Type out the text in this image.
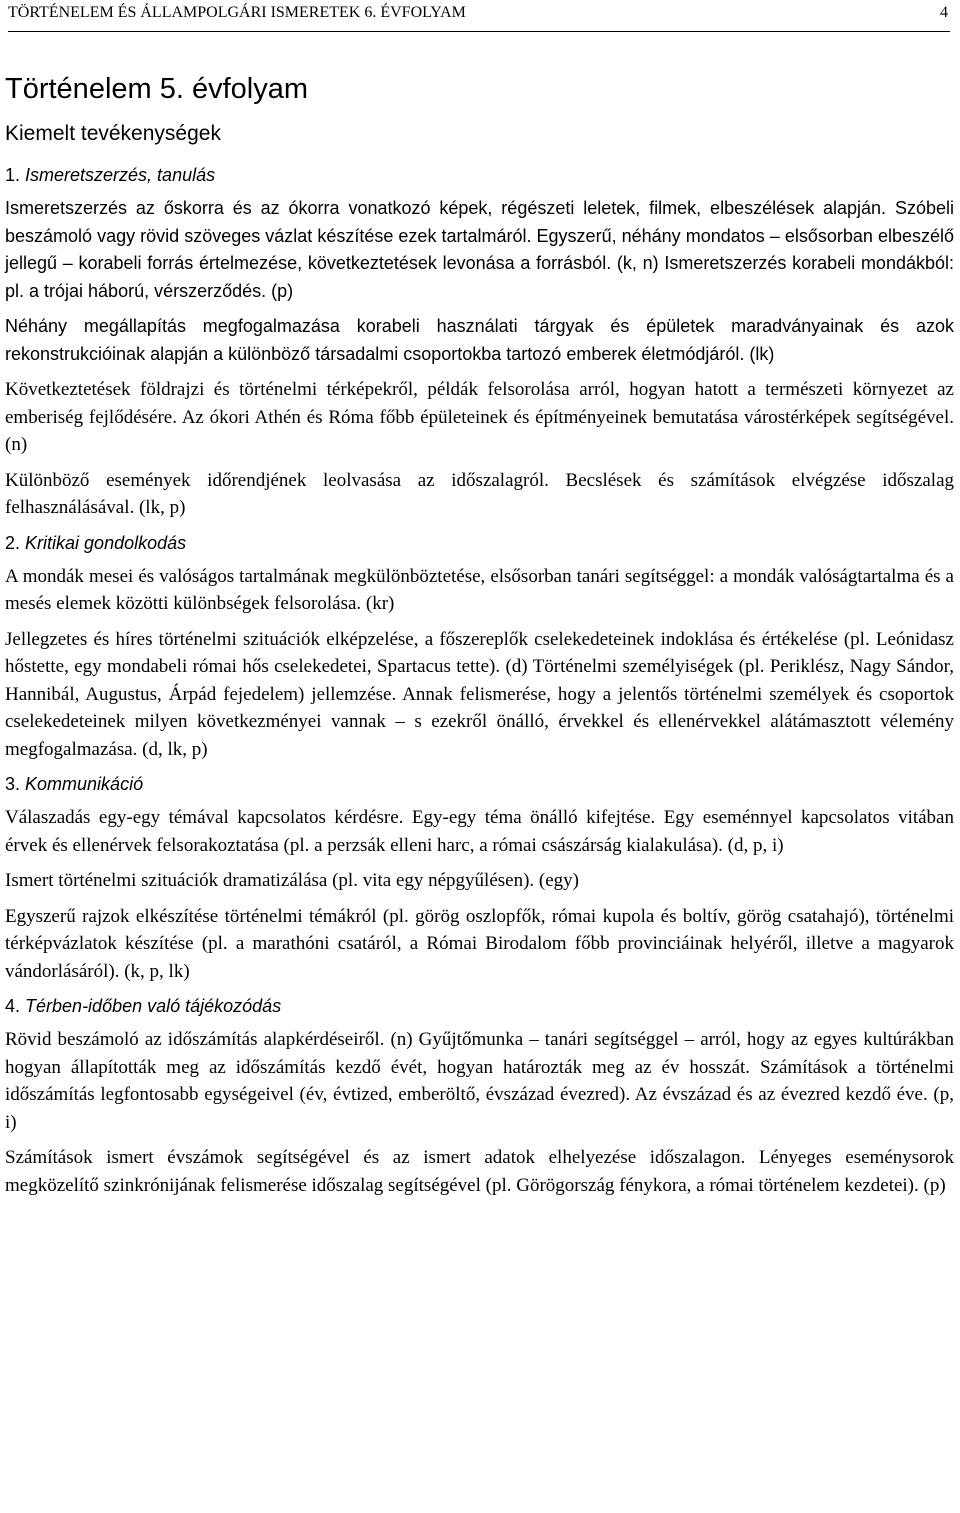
TÖRTÉNELEM ÉS ÁLLAMPOLGÁRI ISMERETEK 6. ÉVFOLYAM	4
Történelem 5. évfolyam
Kiemelt tevékenységek
1. Ismeretszerzés, tanulás

Ismeretszerzés az őskorra és az ókorra vonatkozó képek, régészeti leletek, filmek, elbeszélések alapján. Szóbeli beszámoló vagy rövid szöveges vázlat készítése ezek tartalmáról. Egyszerű, néhány mondatos – elsősorban elbeszélő jellegű – korabeli forrás értelmezése, következtetések levonása a forrásból. (k, n) Ismeretszerzés korabeli mondákból: pl. a trójai háború, vérszerződés. (p)

Néhány megállapítás megfogalmazása korabeli használati tárgyak és épületek maradványainak és azok rekonstrukcióinak alapján a különböző társadalmi csoportokba tartozó emberek életmódjáról. (lk)

Következtetések földrajzi és történelmi térképekről, példák felsorolása arról, hogyan hatott a természeti környezet az emberiség fejlődésére. Az ókori Athén és Róma főbb épületeinek és építményeinek bemutatása várostérképek segítségével. (n)

Különböző események időrendjének leolvasása az időszalagról. Becslések és számítások elvégzése időszalag felhasználásával. (lk, p)

2. Kritikai gondolkodás

A mondák mesei és valóságos tartalmának megkülönböztetése, elsősorban tanári segítséggel: a mondák valóságtartalma és a mesés elemek közötti különbségek felsorolása. (kr)

Jellegzetes és híres történelmi szituációk elképzelése, a főszereplők cselekedeteinek indoklása és értékelése (pl. Leónidasz hőstette, egy mondabeli római hős cselekedetei, Spartacus tette). (d) Történelmi személyiségek (pl. Periklész, Nagy Sándor, Hannibál, Augustus, Árpád fejedelem) jellemzése. Annak felismerése, hogy a jelentős történelmi személyek és csoportok cselekedeteinek milyen következményei vannak – s ezekről önálló, érvekkel és ellenérvekkel alátámasztott vélemény megfogalmazása. (d, lk, p)

3. Kommunikáció

Válaszadás egy-egy témával kapcsolatos kérdésre. Egy-egy téma önálló kifejtése. Egy eseménnyel kapcsolatos vitában érvek és ellenérvek felsorakoztatása (pl. a perzsák elleni harc, a római császárság kialakulása). (d, p, i)

Ismert történelmi szituációk dramatizálása (pl. vita egy népgyűlésen). (egy)

Egyszerű rajzok elkészítése történelmi témákról (pl. görög oszlopfők, római kupola és boltív, görög csatahajó), történelmi térképvázlatok készítése (pl. a marathóni csatáról, a Római Birodalom főbb provinciáinak helyéről, illetve a magyarok vándorlásáról). (k, p, lk)

4. Térben-időben való tájékozódás

Rövid beszámoló az időszámítás alapkérdéseiről. (n) Gyűjtőmunka – tanári segítséggel – arról, hogy az egyes kultúrákban hogyan állapították meg az időszámítás kezdő évét, hogyan határozták meg az év hosszát. Számítások a történelmi időszámítás legfontosabb egységeivel (év, évtized, emberöltő, évszázad évezred). Az évszázad és az évezred kezdő éve. (p, i)

Számítások ismert évszámok segítségével és az ismert adatok elhelyezése időszalagon. Lényeges eseménysorok megközelítő szinkrónijának felismerése időszalag segítségével (pl. Görögország fénykora, a római történelem kezdetei). (p)
